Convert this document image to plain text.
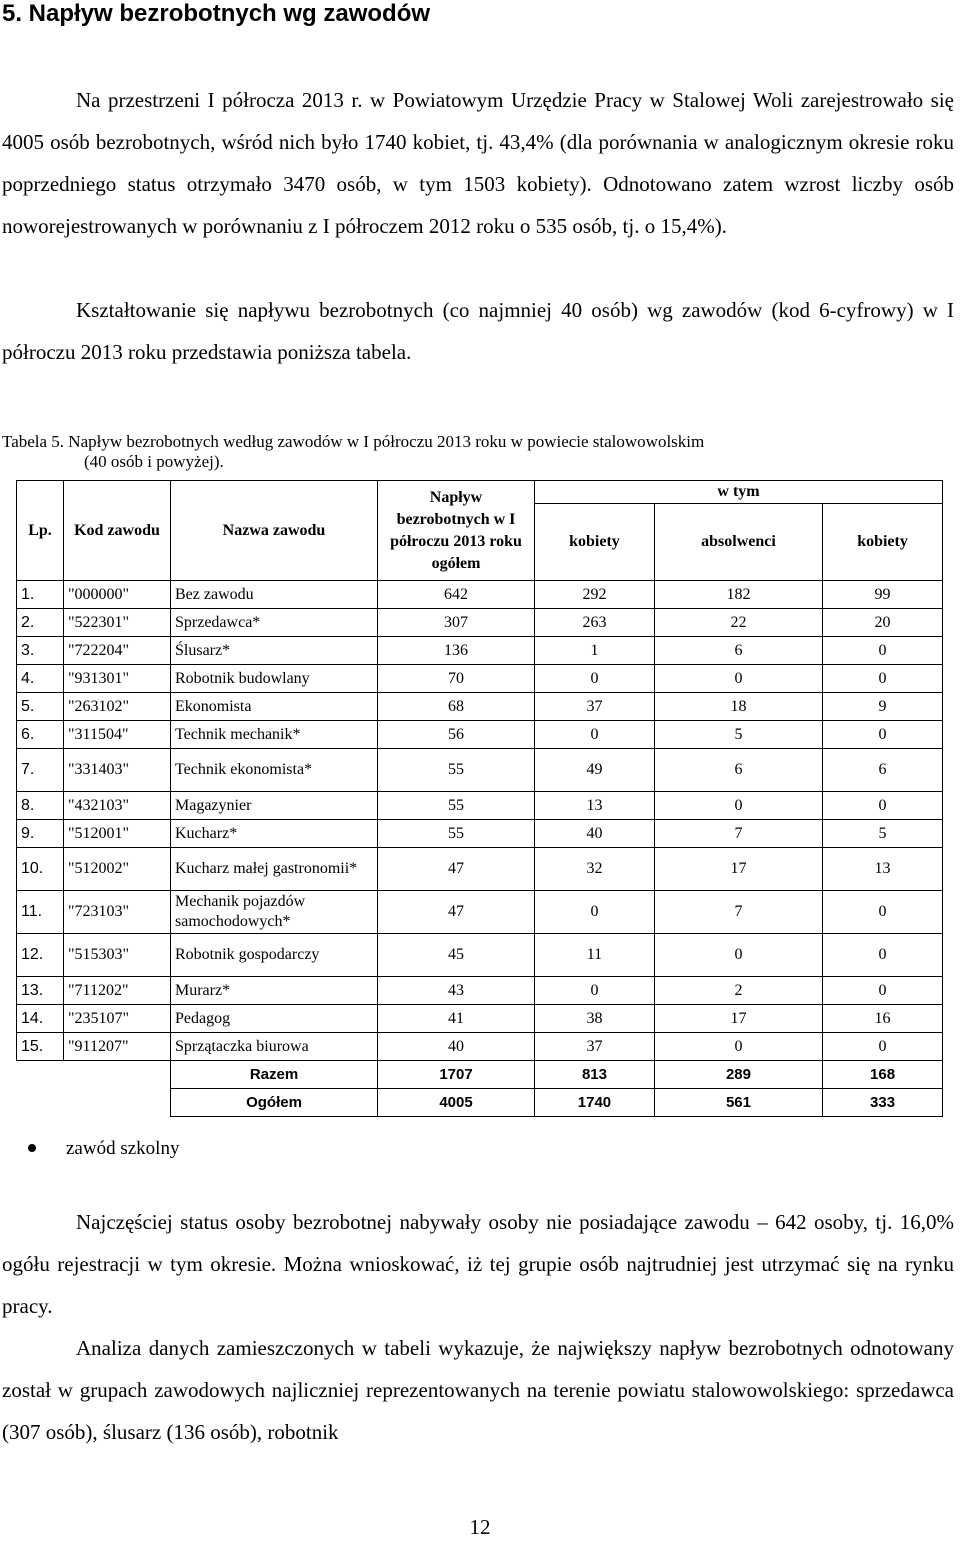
5. Napływ bezrobotnych wg zawodów

Na przestrzeni I półrocza 2013 r. w Powiatowym Urzędzie Pracy w Stalowej Woli zarejestrowało się 4005 osób bezrobotnych, wśród nich było 1740 kobiet, tj. 43,4% (dla porównania w analogicznym okresie roku poprzedniego status otrzymało 3470 osób, w tym 1503 kobiety). Odnotowano zatem wzrost liczby osób noworejestrowanych w porównaniu z I półroczem 2012 roku o 535 osób, tj. o 15,4%).

Kształtowanie się napływu bezrobotnych (co najmniej 40 osób) wg zawodów (kod 6-cyfrowy) w I półroczu 2013 roku przedstawia poniższa tabela.

Tabela 5. Napływ bezrobotnych według zawodów w I półroczu 2013 roku w powiecie stalowowolskim
(40 osób i powyżej).

Lp.	Kod zawodu	Nazwa zawodu	Napływ bezrobotnych w I półroczu 2013 roku ogółem	w tym		
				kobiety	absolwenci	kobiety
1.	"000000"	Bez zawodu	642	292	182	99
2.	"522301"	Sprzedawca*	307	263	22	20
3.	"722204"	Ślusarz*	136	1	6	0
4.	"931301"	Robotnik budowlany	70	0	0	0
5.	"263102"	Ekonomista	68	37	18	9
6.	"311504"	Technik mechanik*	56	0	5	0
7.	"331403"	Technik ekonomista*	55	49	6	6
8.	"432103"	Magazynier	55	13	0	0
9.	"512001"	Kucharz*	55	40	7	5
10.	"512002"	Kucharz małej gastronomii*	47	32	17	13
11.	"723103"	Mechanik pojazdów samochodowych*	47	0	7	0
12.	"515303"	Robotnik gospodarczy	45	11	0	0
13.	"711202"	Murarz*	43	0	2	0
14.	"235107"	Pedagog	41	38	17	16
15.	"911207"	Sprzątaczka biurowa	40	37	0	0
		Razem	1707	813	289	168
		Ogółem	4005	1740	561	333

zawód szkolny

Najczęściej status osoby bezrobotnej nabywały osoby nie posiadające zawodu – 642 osoby, tj. 16,0% ogółu rejestracji w tym okresie. Można wnioskować, iż tej grupie osób najtrudniej jest utrzymać się na rynku pracy.

Analiza danych zamieszczonych w tabeli wykazuje, że największy napływ bezrobotnych odnotowany został w grupach zawodowych najliczniej reprezentowanych na terenie powiatu stalowowolskiego: sprzedawca (307 osób), ślusarz (136 osób), robotnik

12
